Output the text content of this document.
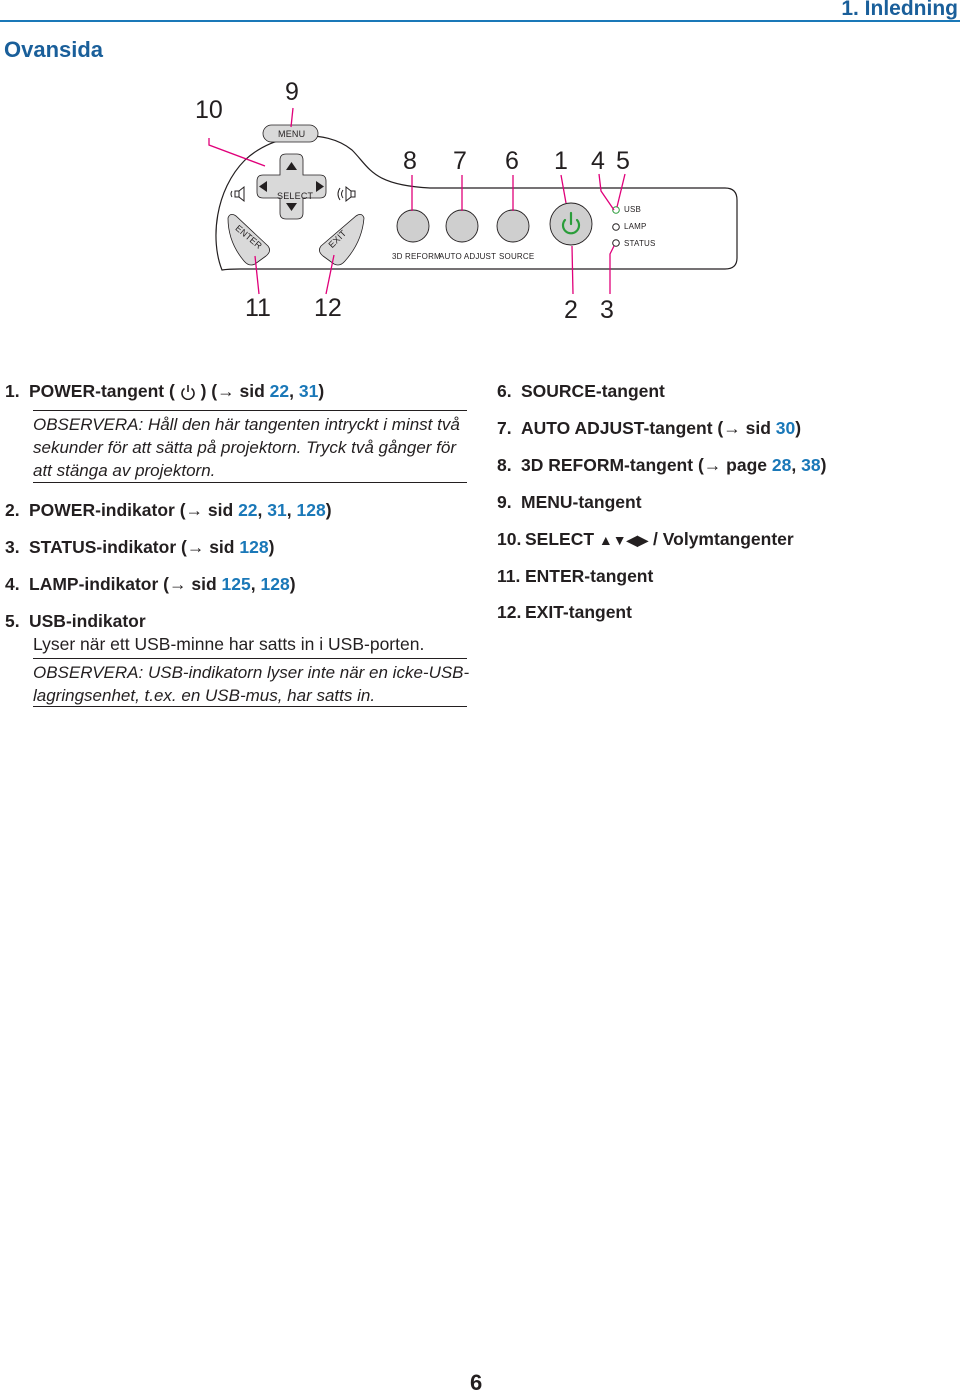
1. Inledning
Ovansida
10
9
8 7 6 1 4 5
11 12	2 3
MENU
SELECT
ENTER	EXIT
3D REFORM
AUTO ADJUST SOURCE
USB
LAMP
STATUS
1. POWER-tangent ( ) (→ sid 22, 31)
OBSERVERA: Håll den här tangenten intryckt i minst två
sekunder för att sätta på projektorn. Tryck två gånger för
att stänga av projektorn.
2. POWER-indikator (→ sid 22, 31, 128)
3. STATUS-indikator (→ sid 128)
4. LAMP-indikator (→ sid 125, 128)
5. USB-indikator
Lyser när ett USB-minne har satts in i USB-porten.
OBSERVERA: USB-indikatorn lyser inte när en icke-USB-
lagringsenhet, t.ex. en USB-mus, har satts in.
6. SOURCE-tangent
7. AUTO ADJUST-tangent (→ sid 30)
8. 3D REFORM-tangent (→ page 28, 38)
9. MENU-tangent
10. SELECT ▲▼◀▶ / Volymtangenter
11. ENTER-tangent
12. EXIT-tangent
6
